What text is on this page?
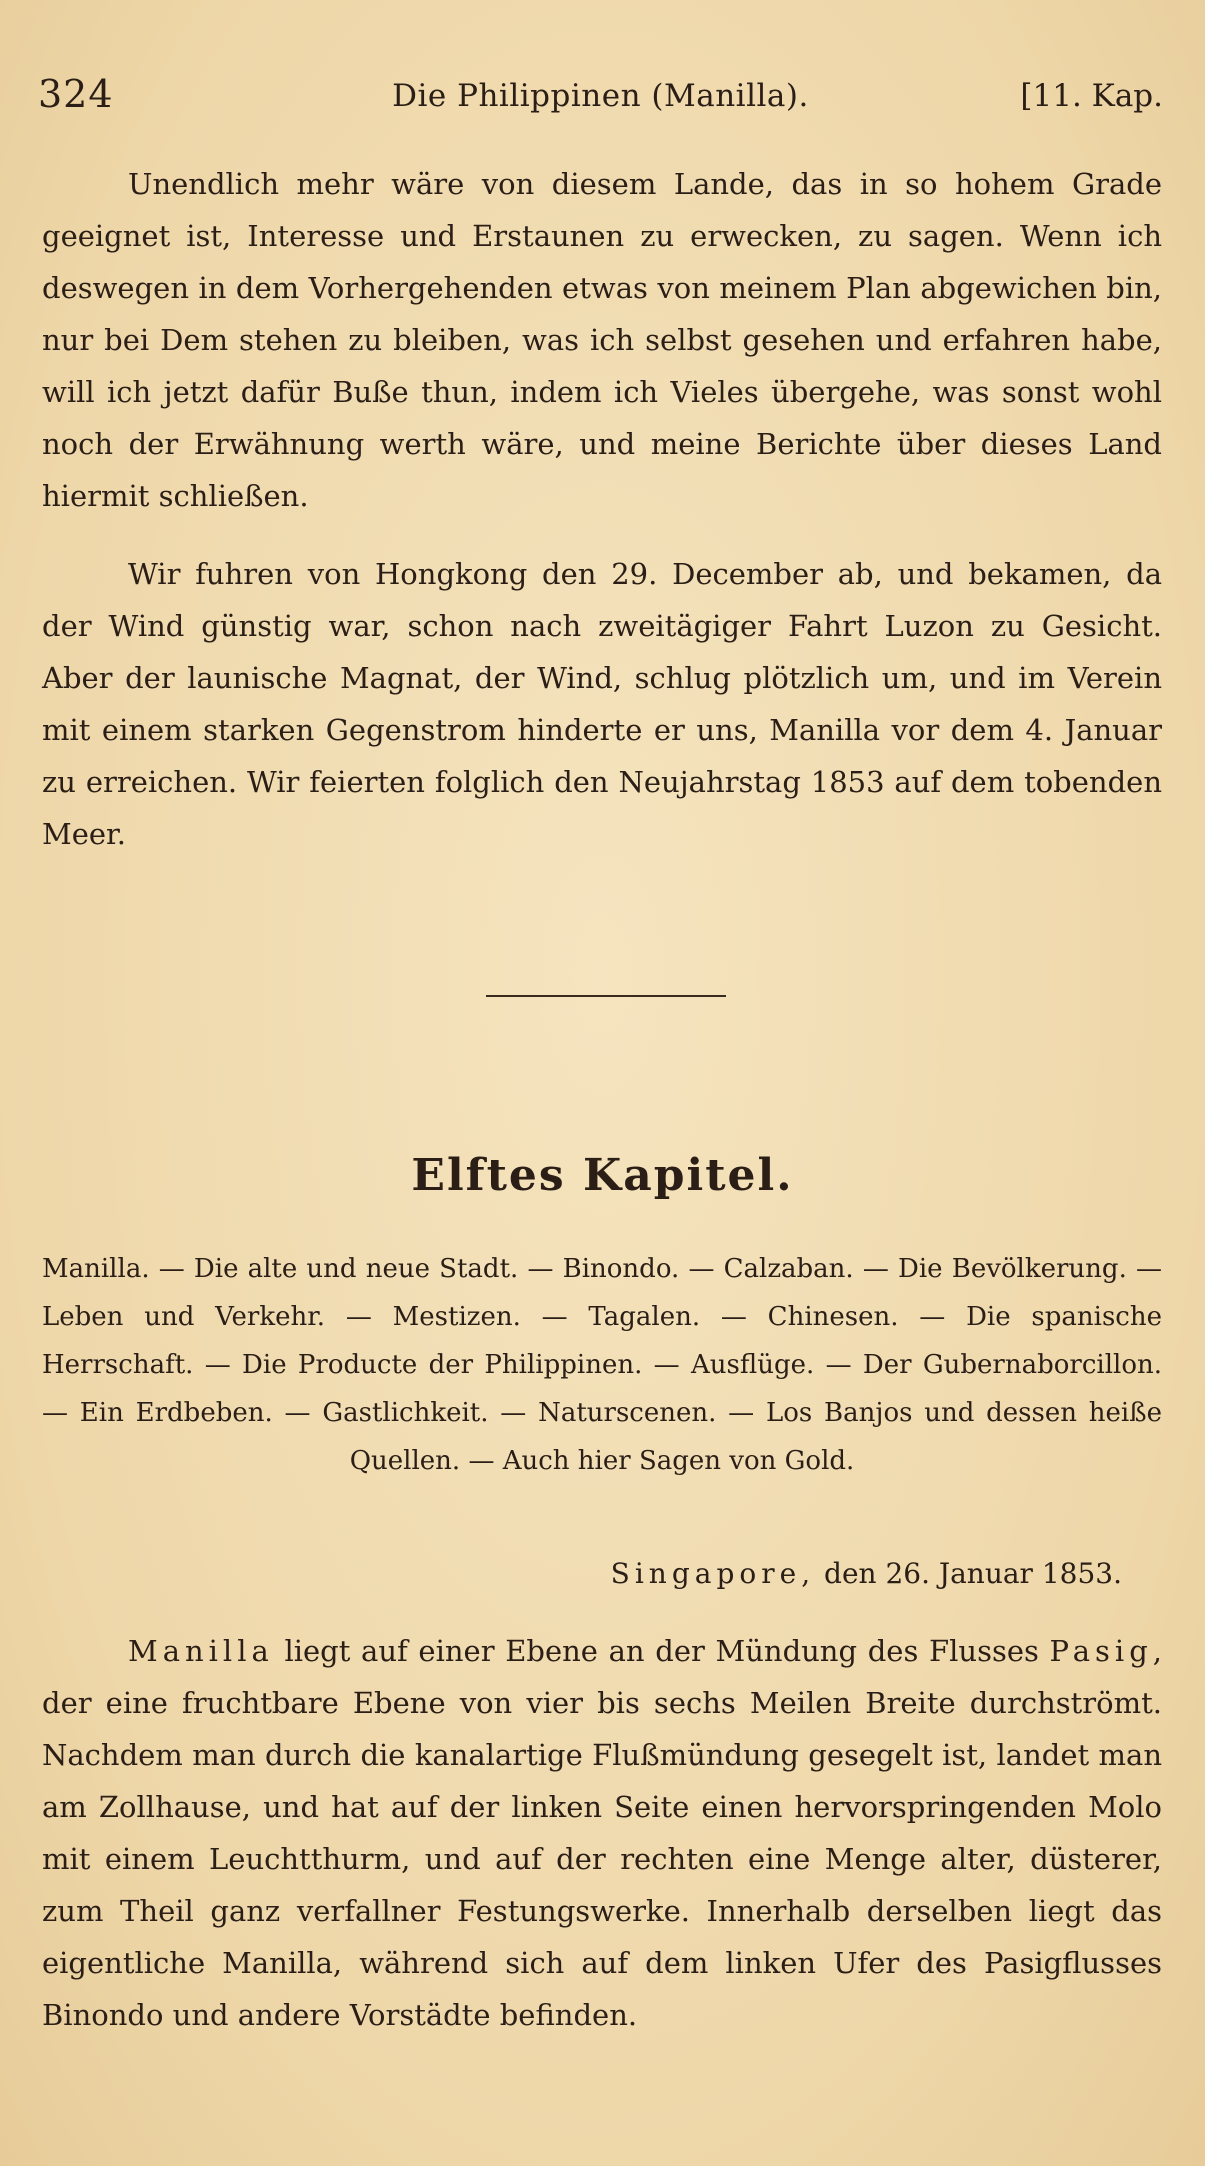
324	Die Philippinen (Manilla).	[11. Kap.

Unendlich mehr wäre von diesem Lande, das in so hohem Grade geeignet ist, Interesse und Erstaunen zu erwecken, zu sagen. Wenn ich deswegen in dem Vorhergehenden etwas von meinem Plan abgewichen bin, nur bei Dem stehen zu bleiben, was ich selbst gesehen und erfahren habe, will ich jetzt dafür Buße thun, indem ich Vieles übergehe, was sonst wohl noch der Erwähnung werth wäre, und meine Berichte über dieses Land hiermit schließen.

Wir fuhren von Hongkong den 29. December ab, und bekamen, da der Wind günstig war, schon nach zweitägiger Fahrt Luzon zu Gesicht. Aber der launische Magnat, der Wind, schlug plötzlich um, und im Verein mit einem starken Gegenstrom hinderte er uns, Manilla vor dem 4. Januar zu erreichen. Wir feierten folglich den Neujahrstag 1853 auf dem tobenden Meer.

Elftes Kapitel.

Manilla. — Die alte und neue Stadt. — Binondo. — Calzaban. — Die Bevölkerung. — Leben und Verkehr. — Mestizen. — Tagalen. — Chinesen. — Die spanische Herrschaft. — Die Producte der Philippinen. — Ausflüge. — Der Gubernaborcillon. — Ein Erdbeben. — Gastlichkeit. — Naturscenen. — Los Banjos und dessen heiße Quellen. — Auch hier Sagen von Gold.

Singapore, den 26. Januar 1853.

Manilla liegt auf einer Ebene an der Mündung des Flusses Pasig, der eine fruchtbare Ebene von vier bis sechs Meilen Breite durchströmt. Nachdem man durch die kanalartige Flußmündung gesegelt ist, landet man am Zollhause, und hat auf der linken Seite einen hervorspringenden Molo mit einem Leuchtthurm, und auf der rechten eine Menge alter, düsterer, zum Theil ganz verfallner Festungswerke. Innerhalb derselben liegt das eigentliche Manilla, während sich auf dem linken Ufer des Pasigflusses Binondo und andere Vorstädte befinden.
